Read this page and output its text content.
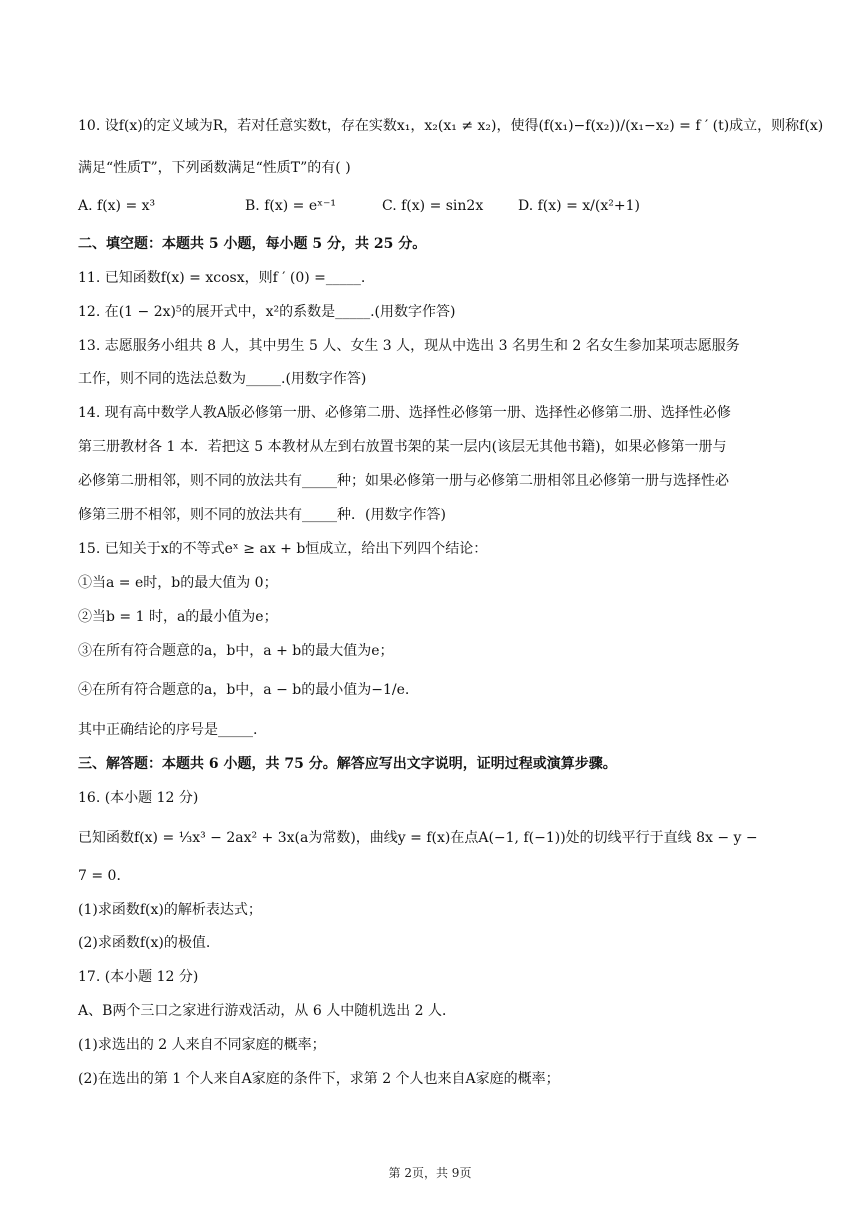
10. 设f(x)的定义域为R，若对任意实数t，存在实数x₁，x₂(x₁ ≠ x₂)，使得(f(x₁)−f(x₂))/(x₁−x₂) = f ′ (t)成立，则称f(x)
满足“性质T”，下列函数满足“性质T”的有( )
A. f(x) = x³	B. f(x) = eˣ⁻¹	C. f(x) = sin2x D. f(x) = x/(x²+1)
二、填空题：本题共 5 小题，每小题 5 分，共 25 分。
11. 已知函数f(x) = xcosx，则f ′ (0) =_____.
12. 在(1 − 2x)⁵的展开式中，x²的系数是_____.(用数字作答)
13. 志愿服务小组共 8 人，其中男生 5 人、女生 3 人，现从中选出 3 名男生和 2 名女生参加某项志愿服务
工作，则不同的选法总数为_____.(用数字作答)
14. 现有高中数学人教A版必修第一册、必修第二册、选择性必修第一册、选择性必修第二册、选择性必修
第三册教材各 1 本．若把这 5 本教材从左到右放置书架的某一层内(该层无其他书籍)，如果必修第一册与
必修第二册相邻，则不同的放法共有_____种；如果必修第一册与必修第二册相邻且必修第一册与选择性必
修第三册不相邻，则不同的放法共有_____种．(用数字作答)
15. 已知关于x的不等式eˣ ≥ ax + b恒成立，给出下列四个结论：
①当a = e时，b的最大值为 0；
②当b = 1 时，a的最小值为e；
③在所有符合题意的a，b中，a + b的最大值为e；
④在所有符合题意的a，b中，a − b的最小值为−1/e.
其中正确结论的序号是_____.
三、解答题：本题共 6 小题，共 75 分。解答应写出文字说明，证明过程或演算步骤。
16. (本小题 12 分)
已知函数f(x) = ⅓x³ − 2ax² + 3x(a为常数)，曲线y = f(x)在点A(−1, f(−1))处的切线平行于直线 8x − y −
7 = 0．
(1)求函数f(x)的解析表达式；
(2)求函数f(x)的极值.
17. (本小题 12 分)
A、B两个三口之家进行游戏活动，从 6 人中随机选出 2 人．
(1)求选出的 2 人来自不同家庭的概率；
(2)在选出的第 1 个人来自A家庭的条件下，求第 2 个人也来自A家庭的概率；
第 2页，共 9页
